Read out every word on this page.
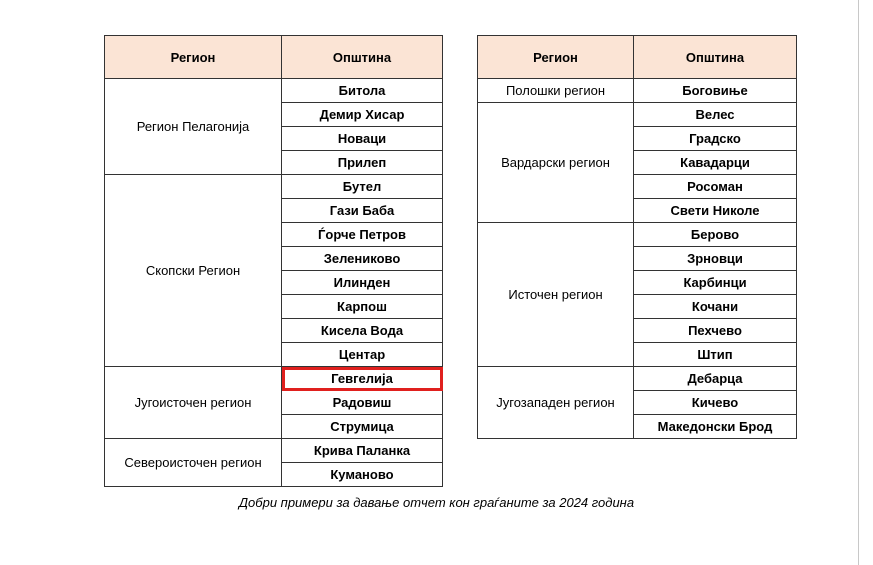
Регион	Општина
Регион Пелагонија	Битола
	Демир Хисар
	Новаци
	Прилеп
Скопски Регион	Бутел
	Гази Баба
	Ѓорче Петров
	Зелениково
	Илинден
	Карпош
	Кисела Вода
	Центар
Југоисточен регион	Гевгелија
	Радовиш
	Струмица
Североисточен регион	Крива Паланка
	Куманово
Регион	Општина
Полошки регион	Боговиње
Вардарски регион	Велес
	Градско
	Кавадарци
	Росоман
	Свети Николе
Источен регион	Берово
	Зрновци
	Карбинци
	Кочани
	Пехчево
	Штип
Југозападен регион	Дебарца
	Кичево
	Македонски Брод
Добри примери за давање отчет кон граѓаните за 2024 година
